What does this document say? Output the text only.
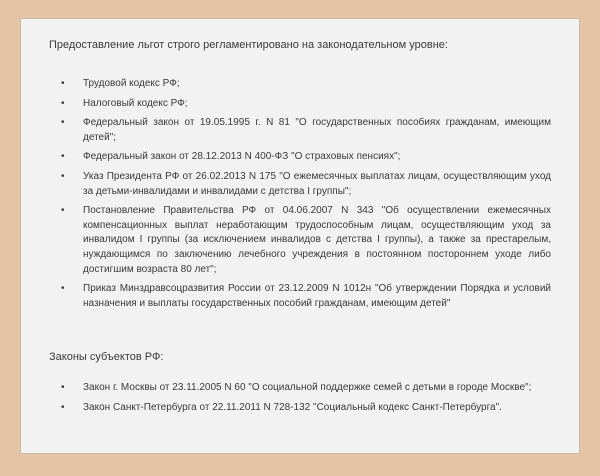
Предоставление льгот строго регламентировано на законодательном уровне:

• Трудовой кодекс РФ;
• Налоговый кодекс РФ;
• Федеральный закон от 19.05.1995 г. N 81 "О государственных пособиях гражданам, имеющим детей";
• Федеральный закон от 28.12.2013 N 400-ФЗ "О страховых пенсиях";
• Указ Президента РФ от 26.02.2013 N 175 "О ежемесячных выплатах лицам, осуществляющим уход за детьми-инвалидами и инвалидами с детства I группы";
• Постановление Правительства РФ от 04.06.2007 N 343 "Об осуществлении ежемесячных компенсационных выплат неработающим трудоспособным лицам, осуществляющим уход за инвалидом I группы (за исключением инвалидов с детства I группы), а также за престарелым, нуждающимся по заключению лечебного учреждения в постоянном постороннем уходе либо достигшим возраста 80 лет";
• Приказ Минздравсоцразвития России от 23.12.2009 N 1012н "Об утверждении Порядка и условий назначения и выплаты государственных пособий гражданам, имеющим детей"

Законы субъектов РФ:

• Закон г. Москвы от 23.11.2005 N 60 "О социальной поддержке семей с детьми в городе Москве";
• Закон Санкт-Петербурга от 22.11.2011 N 728-132 "Социальный кодекс Санкт-Петербурга".
